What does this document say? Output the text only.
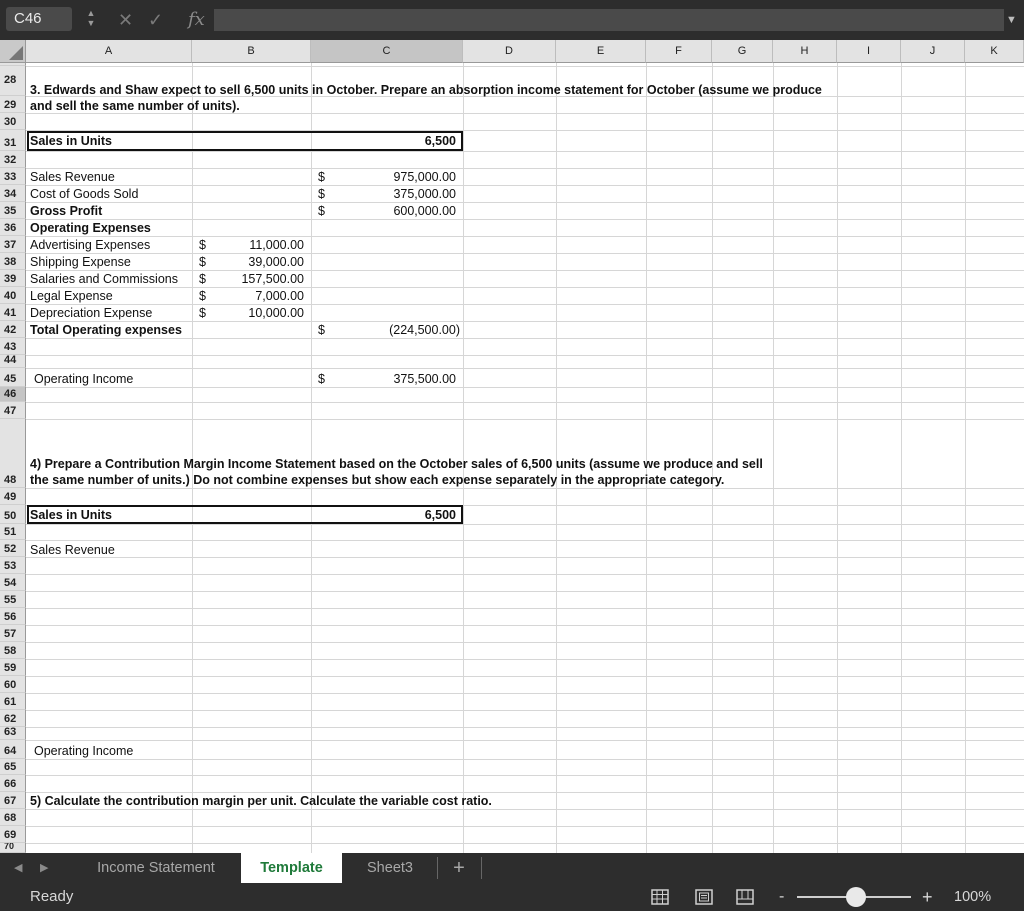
C46	▲
▼ ✕ ✓ fx	▼
A	B	C	D	E	F	G	H	I	J	K
28
29
30
31
32
33
34
35
36
37
38
39
40
41
42
43
44
45
46
47
48
49
50
51
52
53
54
55
56
57
58
59
60
61
62
63
64
65
66
67
68
69
70
3. Edwards and Shaw expect to sell 6,500 units in October. Prepare an absorption income statement for October (assume we produce
and sell the same number of units).
Sales in Units	6,500
Sales Revenue	$	975,000.00
Cost of Goods Sold	$	375,000.00
Gross Profit	$	600,000.00
Operating Expenses
Advertising Expenses	$	11,000.00
Shipping Expense	$	39,000.00
Salaries and Commissions $	157,500.00
Legal Expense	$	7,000.00
Depreciation Expense	$	10,000.00
Total Operating expenses	$	(224,500.00)
Operating Income	$	375,500.00
4) Prepare a Contribution Margin Income Statement based on the October sales of 6,500 units (assume we produce and sell
the same number of units.) Do not combine expenses but show each expense separately in the appropriate category.
Sales in Units	6,500
Sales Revenue
Operating Income
5) Calculate the contribution margin per unit. Calculate the variable cost ratio.
◀ ▶	Income Statement	Template	Sheet3	+
Ready	-	+ 100%
